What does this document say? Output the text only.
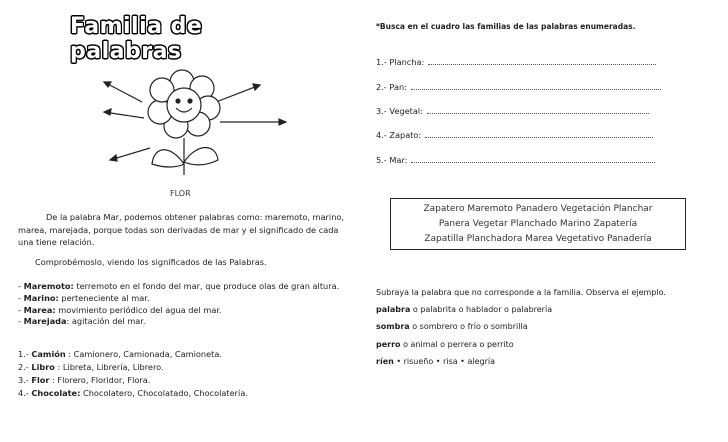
Familia de palabras
FLOR
De la palabra Mar, podemos obtener palabras como: maremoto, marino, marea, marejada, porque todas son derivadas de mar y el significado de cada una tiene relación.
Comprobémoslo, viendo los significados de las Palabras.
- Maremoto: terremoto en el fondo del mar, que produce olas de gran altura.
- Marino: perteneciente al mar.
- Marea: movimiento periódico del agua del mar.
- Marejada: agitación del mar.
1.- Camión : Camionero, Camionada, Camioneta.
2.- Libro : Libreta, Librería, Librero.
3.- Flor : Florero, Floridor, Flora.
4.- Chocolate: Chocolatero, Chocolatado, Chocolatería.
*Busca en el cuadro las familias de las palabras enumeradas.
1.- Plancha:
2.- Pan:
3.- Vegetal:
4.- Zapato:
5.- Mar:
Zapatero Maremoto Panadero Vegetación Planchar
Panera Vegetar Planchado Marino Zapatería
Zapatilla Planchadora Marea Vegetativo Panadería
Subraya la palabra que no corresponde a la familia. Observa el ejemplo.
palabra o palabrita o hablador o palabrería
sombra o sombrero o frío o sombrilla
perro o animal o perrera o perrito
ríen • risueño • risa • alegría
